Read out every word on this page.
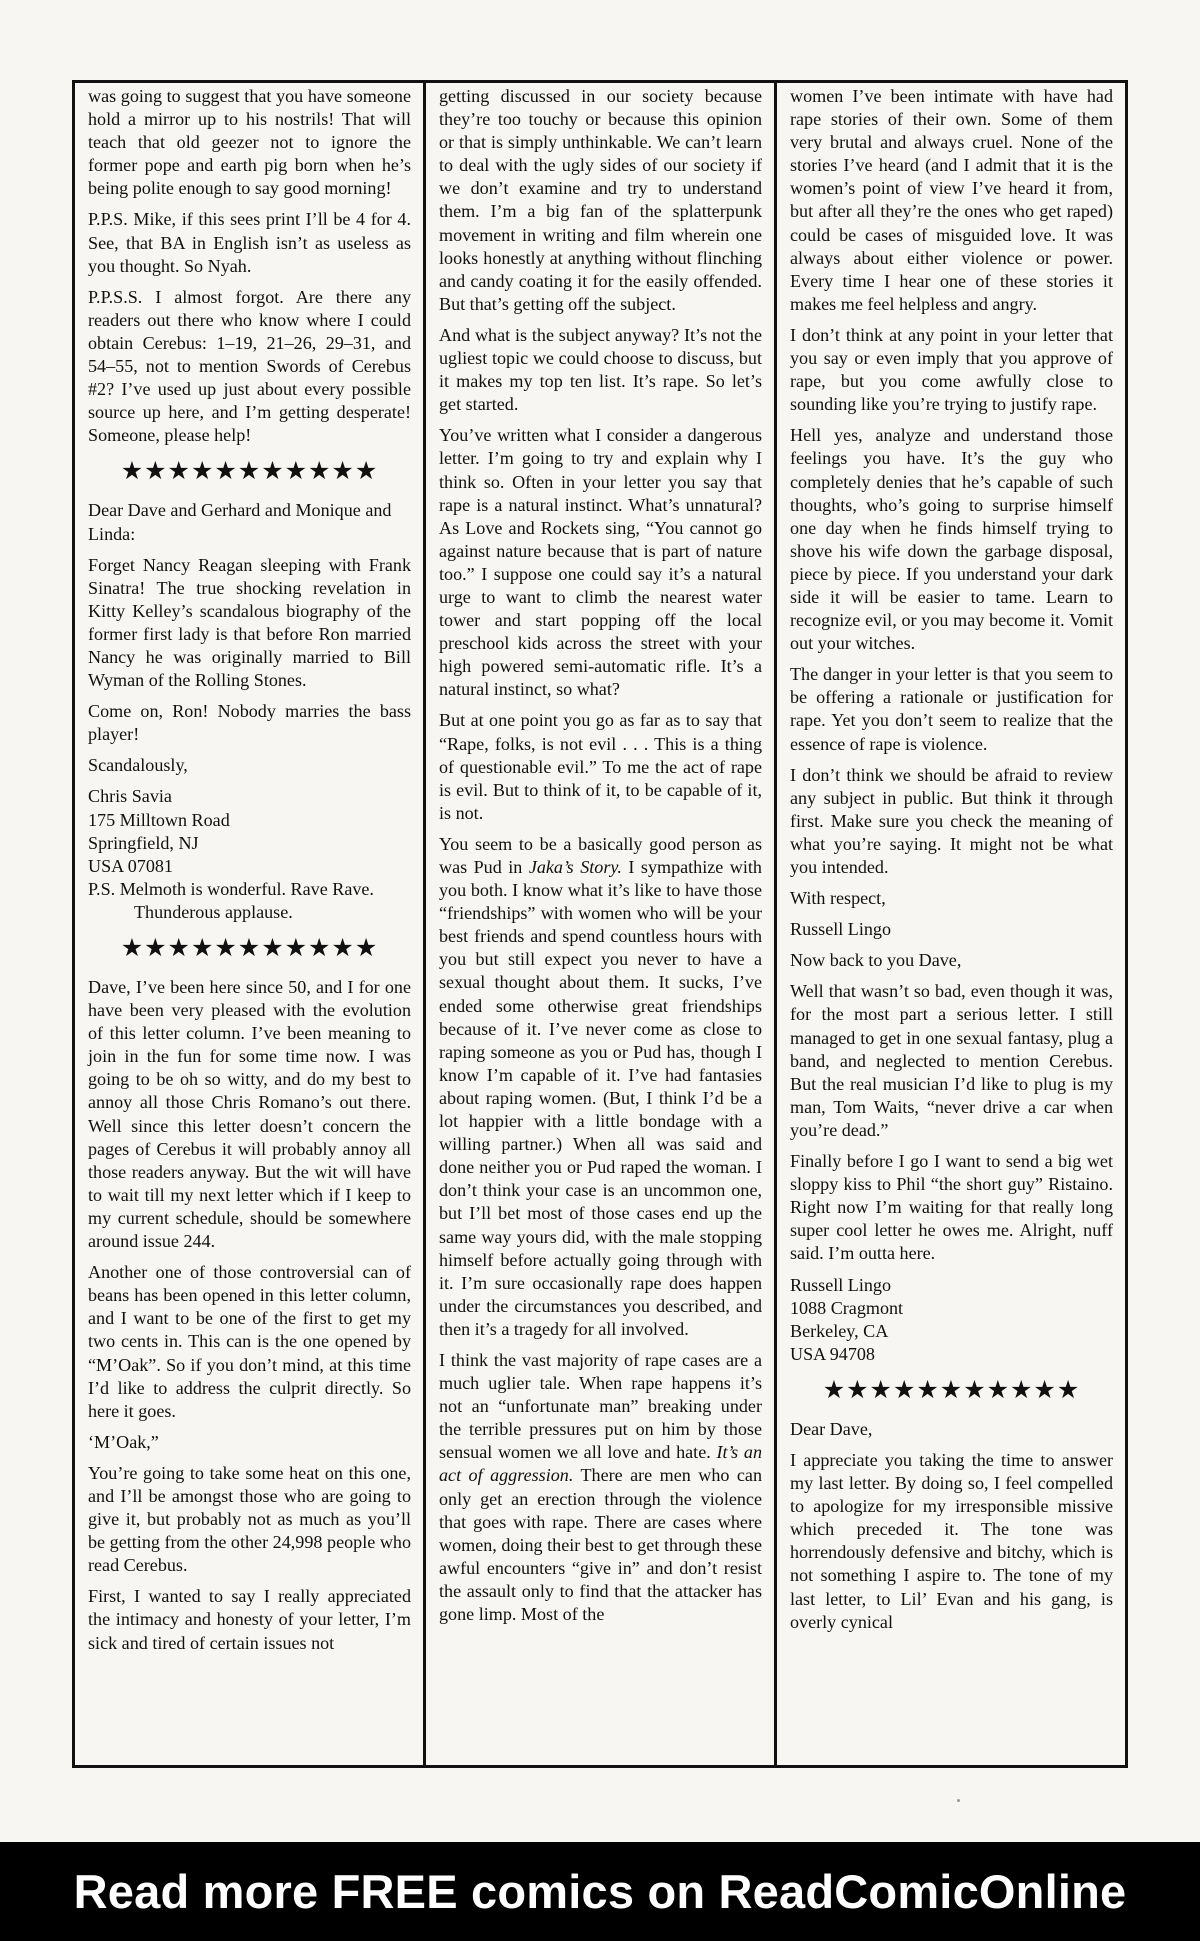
was going to suggest that you have someone hold a mirror up to his nostrils! That will teach that old geezer not to ignore the former pope and earth pig born when he’s being polite enough to say good morning!

P.P.S. Mike, if this sees print I’ll be 4 for 4. See, that BA in English isn’t as useless as you thought. So Nyah.

P.P.S.S. I almost forgot. Are there any readers out there who know where I could obtain Cerebus: 1–19, 21–26, 29–31, and 54–55, not to mention Swords of Cerebus #2? I’ve used up just about every possible source up here, and I’m getting desperate! Someone, please help!

★★★★★★★★★★★

Dear Dave and Gerhard and Monique and Linda:

Forget Nancy Reagan sleeping with Frank Sinatra! The true shocking revelation in Kitty Kelley’s scandalous biography of the former first lady is that before Ron married Nancy he was originally married to Bill Wyman of the Rolling Stones.

Come on, Ron! Nobody marries the bass player!

Scandalously,

Chris Savia

175 Milltown Road

Springfield, NJ

USA 07081

P.S. Melmoth is wonderful. Rave Rave.

Thunderous applause.

★★★★★★★★★★★

Dave, I’ve been here since 50, and I for one have been very pleased with the evolution of this letter column. I’ve been meaning to join in the fun for some time now. I was going to be oh so witty, and do my best to annoy all those Chris Romano’s out there. Well since this letter doesn’t concern the pages of Cerebus it will probably annoy all those readers anyway. But the wit will have to wait till my next letter which if I keep to my current schedule, should be somewhere around issue 244.

Another one of those controversial can of beans has been opened in this letter column, and I want to be one of the first to get my two cents in. This can is the one opened by “M’Oak”. So if you don’t mind, at this time I’d like to address the culprit directly. So here it goes.

‘M’Oak,”

You’re going to take some heat on this one, and I’ll be amongst those who are going to give it, but probably not as much as you’ll be getting from the other 24,998 people who read Cerebus.

First, I wanted to say I really appreciated the intimacy and honesty of your letter, I’m sick and tired of certain issues not

getting discussed in our society because they’re too touchy or because this opinion or that is simply unthinkable. We can’t learn to deal with the ugly sides of our society if we don’t examine and try to understand them. I’m a big fan of the splatterpunk movement in writing and film wherein one looks honestly at anything without flinching and candy coating it for the easily offended. But that’s getting off the subject.

And what is the subject anyway? It’s not the ugliest topic we could choose to discuss, but it makes my top ten list. It’s rape. So let’s get started.

You’ve written what I consider a dangerous letter. I’m going to try and explain why I think so. Often in your letter you say that rape is a natural instinct. What’s unnatural? As Love and Rockets sing, “You cannot go against nature because that is part of nature too.” I suppose one could say it’s a natural urge to want to climb the nearest water tower and start popping off the local preschool kids across the street with your high powered semi-automatic rifle. It’s a natural instinct, so what?

But at one point you go as far as to say that “Rape, folks, is not evil . . . This is a thing of questionable evil.” To me the act of rape is evil. But to think of it, to be capable of it, is not.

You seem to be a basically good person as was Pud in Jaka’s Story. I sympathize with you both. I know what it’s like to have those “friendships” with women who will be your best friends and spend countless hours with you but still expect you never to have a sexual thought about them. It sucks, I’ve ended some otherwise great friendships because of it. I’ve never come as close to raping someone as you or Pud has, though I know I’m capable of it. I’ve had fantasies about raping women. (But, I think I’d be a lot happier with a little bondage with a willing partner.) When all was said and done neither you or Pud raped the woman. I don’t think your case is an uncommon one, but I’ll bet most of those cases end up the same way yours did, with the male stopping himself before actually going through with it. I’m sure occasionally rape does happen under the circumstances you described, and then it’s a tragedy for all involved.

I think the vast majority of rape cases are a much uglier tale. When rape happens it’s not an “unfortunate man” breaking under the terrible pressures put on him by those sensual women we all love and hate. It’s an act of aggression. There are men who can only get an erection through the violence that goes with rape. There are cases where women, doing their best to get through these awful encounters “give in” and don’t resist the assault only to find that the attacker has gone limp. Most of the

women I’ve been intimate with have had rape stories of their own. Some of them very brutal and always cruel. None of the stories I’ve heard (and I admit that it is the women’s point of view I’ve heard it from, but after all they’re the ones who get raped) could be cases of misguided love. It was always about either violence or power. Every time I hear one of these stories it makes me feel helpless and angry.

I don’t think at any point in your letter that you say or even imply that you approve of rape, but you come awfully close to sounding like you’re trying to justify rape.

Hell yes, analyze and understand those feelings you have. It’s the guy who completely denies that he’s capable of such thoughts, who’s going to surprise himself one day when he finds himself trying to shove his wife down the garbage disposal, piece by piece. If you understand your dark side it will be easier to tame. Learn to recognize evil, or you may become it. Vomit out your witches.

The danger in your letter is that you seem to be offering a rationale or justification for rape. Yet you don’t seem to realize that the essence of rape is violence.

I don’t think we should be afraid to review any subject in public. But think it through first. Make sure you check the meaning of what you’re saying. It might not be what you intended.

With respect,

Russell Lingo

Now back to you Dave,

Well that wasn’t so bad, even though it was, for the most part a serious letter. I still managed to get in one sexual fantasy, plug a band, and neglected to mention Cerebus. But the real musician I’d like to plug is my man, Tom Waits, “never drive a car when you’re dead.”

Finally before I go I want to send a big wet sloppy kiss to Phil “the short guy” Ristaino. Right now I’m waiting for that really long super cool letter he owes me. Alright, nuff said. I’m outta here.

Russell Lingo

1088 Cragmont

Berkeley, CA

USA 94708

★★★★★★★★★★★

Dear Dave,

I appreciate you taking the time to answer my last letter. By doing so, I feel compelled to apologize for my irresponsible missive which preceded it. The tone was horrendously defensive and bitchy, which is not something I aspire to. The tone of my last letter, to Lil’ Evan and his gang, is overly cynical

Read more FREE comics on ReadComicOnline
